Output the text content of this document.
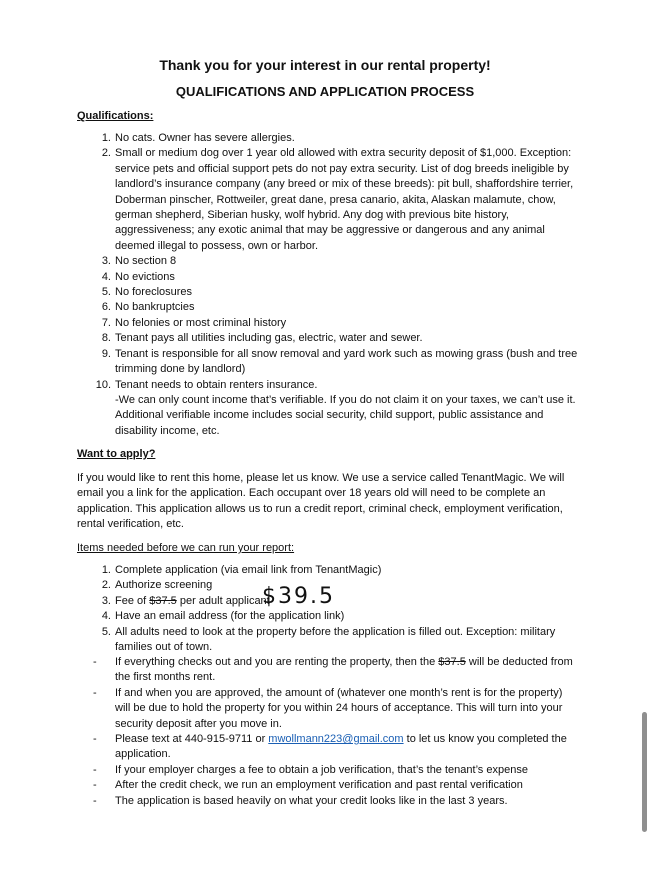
Thank you for your interest in our rental property!
QUALIFICATIONS AND APPLICATION PROCESS
Qualifications:
1. No cats. Owner has severe allergies.
2. Small or medium dog over 1 year old allowed with extra security deposit of $1,000. Exception: service pets and official support pets do not pay extra security. List of dog breeds ineligible by landlord’s insurance company (any breed or mix of these breeds): pit bull, shaffordshire terrier, Doberman pinscher, Rottweiler, great dane, presa canario, akita, Alaskan malamute, chow, german shepherd, Siberian husky, wolf hybrid. Any dog with previous bite history, aggressiveness; any exotic animal that may be aggressive or dangerous and any animal deemed illegal to possess, own or harbor.
3. No section 8
4. No evictions
5. No foreclosures
6. No bankruptcies
7. No felonies or most criminal history
8. Tenant pays all utilities including gas, electric, water and sewer.
9. Tenant is responsible for all snow removal and yard work such as mowing grass (bush and tree trimming done by landlord)
10. Tenant needs to obtain renters insurance.
-We can only count income that’s verifiable. If you do not claim it on your taxes, we can’t use it. Additional verifiable income includes social security, child support, public assistance and disability income, etc.
Want to apply?
If you would like to rent this home, please let us know. We use a service called TenantMagic. We will email you a link for the application. Each occupant over 18 years old will need to be complete an application. This application allows us to run a credit report, criminal check, employment verification, rental verification, etc.
Items needed before we can run your report:
1. Complete application (via email link from TenantMagic)
2. Authorize screening
3. Fee of $37.5 per adult applicant
4. Have an email address (for the application link)
5. All adults need to look at the property before the application is filled out. Exception: military families out of town.
$39.5
- If everything checks out and you are renting the property, then the $37.5 will be deducted from the first months rent.
- If and when you are approved, the amount of (whatever one month’s rent is for the property) will be due to hold the property for you within 24 hours of acceptance. This will turn into your security deposit after you move in.
- Please text at 440-915-9711 or mwollmann223@gmail.com to let us know you completed the application.
- If your employer charges a fee to obtain a job verification, that’s the tenant’s expense
- After the credit check, we run an employment verification and past rental verification
- The application is based heavily on what your credit looks like in the last 3 years.
